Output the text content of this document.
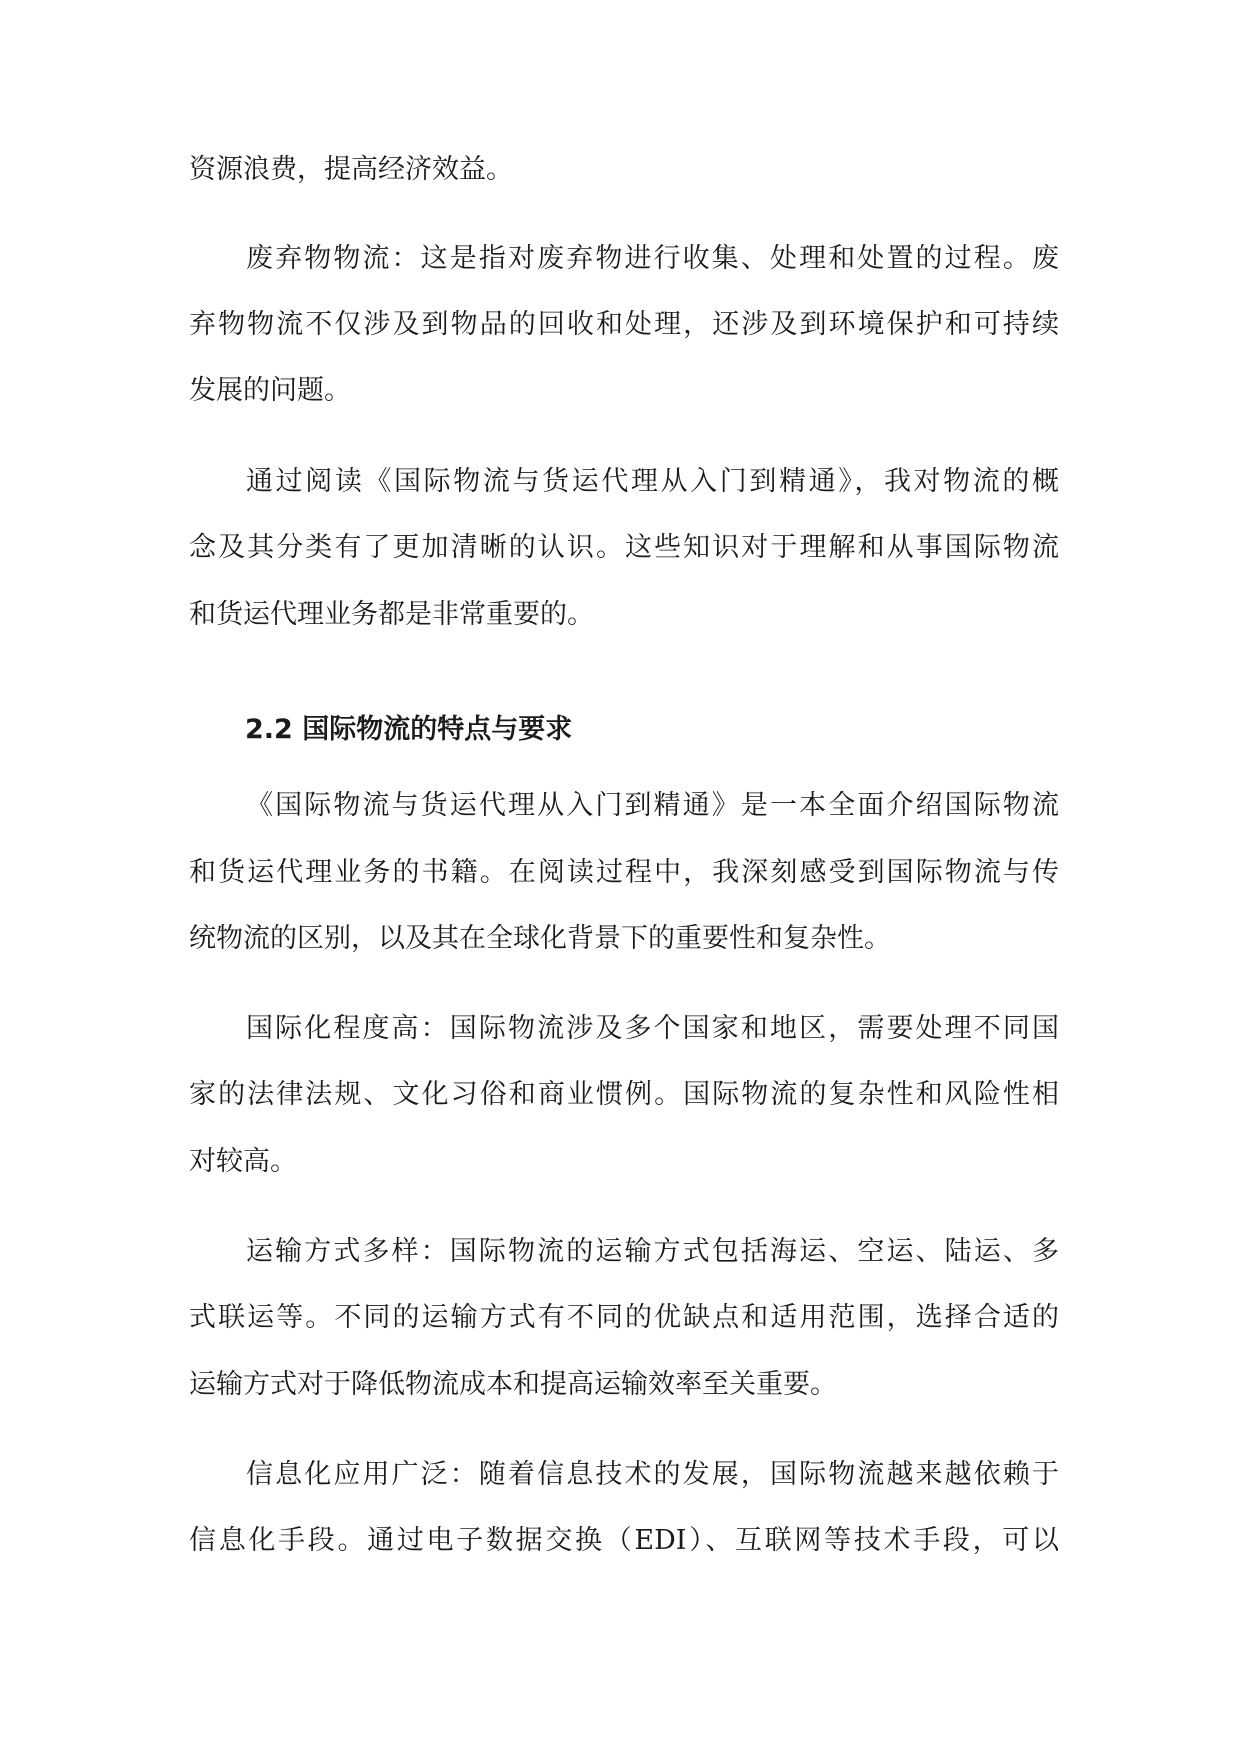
资源浪费，提高经济效益。
废弃物物流：这是指对废弃物进行收集、处理和处置的过程。废
弃物物流不仅涉及到物品的回收和处理，还涉及到环境保护和可持续
发展的问题。
通过阅读《国际物流与货运代理从入门到精通》，我对物流的概
念及其分类有了更加清晰的认识。这些知识对于理解和从事国际物流
和货运代理业务都是非常重要的。
2.2 国际物流的特点与要求
《国际物流与货运代理从入门到精通》是一本全面介绍国际物流
和货运代理业务的书籍。在阅读过程中，我深刻感受到国际物流与传
统物流的区别，以及其在全球化背景下的重要性和复杂性。
国际化程度高：国际物流涉及多个国家和地区，需要处理不同国
家的法律法规、文化习俗和商业惯例。国际物流的复杂性和风险性相
对较高。
运输方式多样：国际物流的运输方式包括海运、空运、陆运、多
式联运等。不同的运输方式有不同的优缺点和适用范围，选择合适的
运输方式对于降低物流成本和提高运输效率至关重要。
信息化应用广泛：随着信息技术的发展，国际物流越来越依赖于
信息化手段。通过电子数据交换（EDI）、互联网等技术手段，可以
